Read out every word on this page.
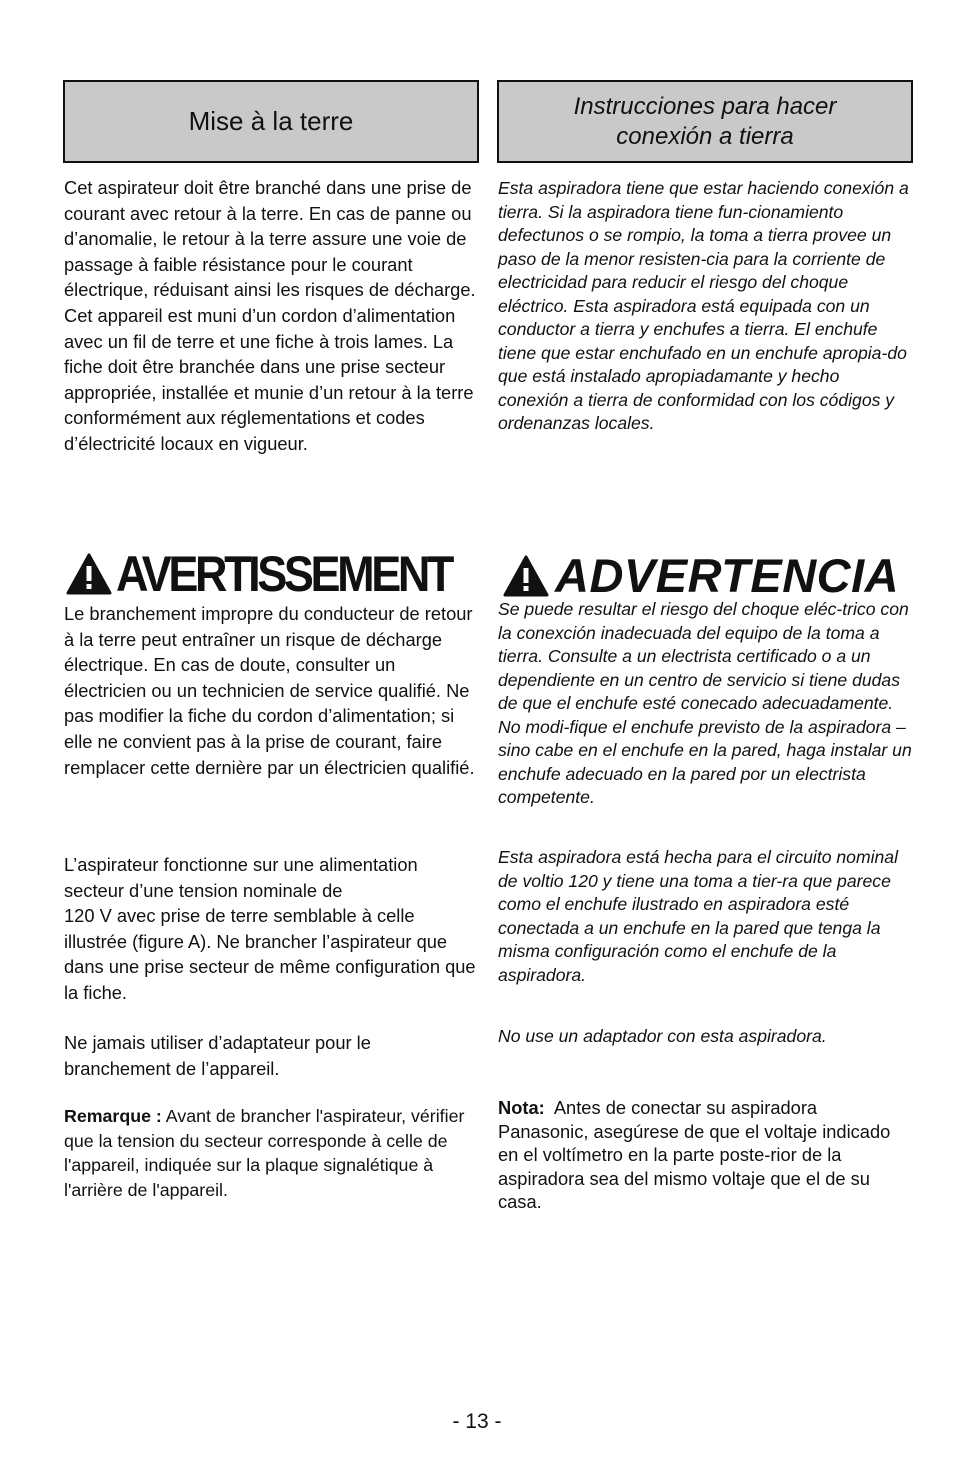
Mise à la terre	Instrucciones para hacer
conexión a tierra

Cet aspirateur doit être branché dans une prise de courant avec retour à la terre. En cas de panne ou d’anomalie, le retour à la terre assure une voie de passage à faible résistance pour le courant électrique, réduisant ainsi les risques de décharge. Cet appareil est muni d’un cordon d’alimentation avec un fil de terre et une fiche à trois lames. La fiche doit être branchée dans une prise secteur appropriée, installée et munie d’un retour à la terre conformément aux réglementations et codes d’électricité locaux en vigueur.

Esta aspiradora tiene que estar haciendo conexión a tierra. Si la aspiradora tiene fun-cionamiento defectunos o se rompio, la toma a tierra provee un paso de la menor resisten-cia para la corriente de electricidad para reducir el riesgo del choque eléctrico. Esta aspiradora está equipada con un conductor a tierra y enchufes a tierra. El enchufe tiene que estar enchufado en un enchufe apropia-do que está instalado apropiadamante y hecho conexión a tierra de conformidad con los códigos y ordenanzas locales.

AVERTISSEMENT ADVERTENCIA

Le branchement impropre du conducteur de retour à la terre peut entraîner un risque de décharge électrique. En cas de doute, consulter un électricien ou un technicien de service qualifié. Ne pas modifier la fiche du cordon d’alimentation; si elle ne convient pas à la prise de courant, faire remplacer cette dernière par un électricien qualifié.

Se puede resultar el riesgo del choque eléc-trico con la conexción inadecuada del equipo de la toma a tierra. Consulte a un electrista certificado o a un dependiente en un centro de servicio si tiene dudas de que el enchufe esté conecado adecuadamente. No modi-fique el enchufe previsto de la aspiradora – sino cabe en el enchufe en la pared, haga instalar un enchufe adecuado en la pared por un electrista competente.

L’aspirateur fonctionne sur une alimentation secteur d’une tension nominale de

120 V avec prise de terre semblable à celle illustrée (figure A). Ne brancher l’aspirateur que dans une prise secteur de même configuration que la fiche.

Esta aspiradora está hecha para el circuito nominal de voltio 120 y tiene una toma a tier-ra que parece como el enchufe ilustrado en aspiradora esté conectada a un enchufe en la pared que tenga la misma configuración como el enchufe de la aspiradora.

Ne jamais utiliser d’adaptateur pour le branchement de l’appareil.

No use un adaptador con esta aspiradora.

Remarque : Avant de brancher l'aspirateur, vérifier que la tension du secteur corresponde à celle de l'appareil, indiquée sur la plaque signalétique à l'arrière de l'appareil.

Nota:  Antes de conectar su aspiradora Panasonic, asegúrese de que el voltaje indicado en el voltímetro en la parte poste-rior de la aspiradora sea del mismo voltaje que el de su casa.

- 13 -
